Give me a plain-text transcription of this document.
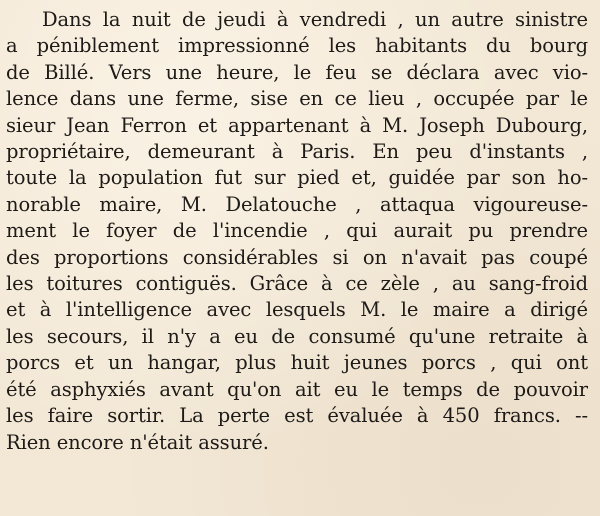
Dans la nuit de jeudi à vendredi , un autre sinistre
a péniblement impressionné les habitants du bourg
de Billé. Vers une heure, le feu se déclara avec vio-
lence dans une ferme, sise en ce lieu , occupée par le
sieur Jean Ferron et appartenant à M. Joseph Dubourg,
propriétaire, demeurant à Paris. En peu d'instants ,
toute la population fut sur pied et, guidée par son ho-
norable maire, M. Delatouche , attaqua vigoureuse-
ment le foyer de l'incendie , qui aurait pu prendre
des proportions considérables si on n'avait pas coupé
les toitures contiguës. Grâce à ce zèle , au sang-froid
et à l'intelligence avec lesquels M. le maire a dirigé
les secours, il n'y a eu de consumé qu'une retraite à
porcs et un hangar, plus huit jeunes porcs , qui ont
été asphyxiés avant qu'on ait eu le temps de pouvoir
les faire sortir. La perte est évaluée à 450 francs. --
Rien encore n'était assuré.
